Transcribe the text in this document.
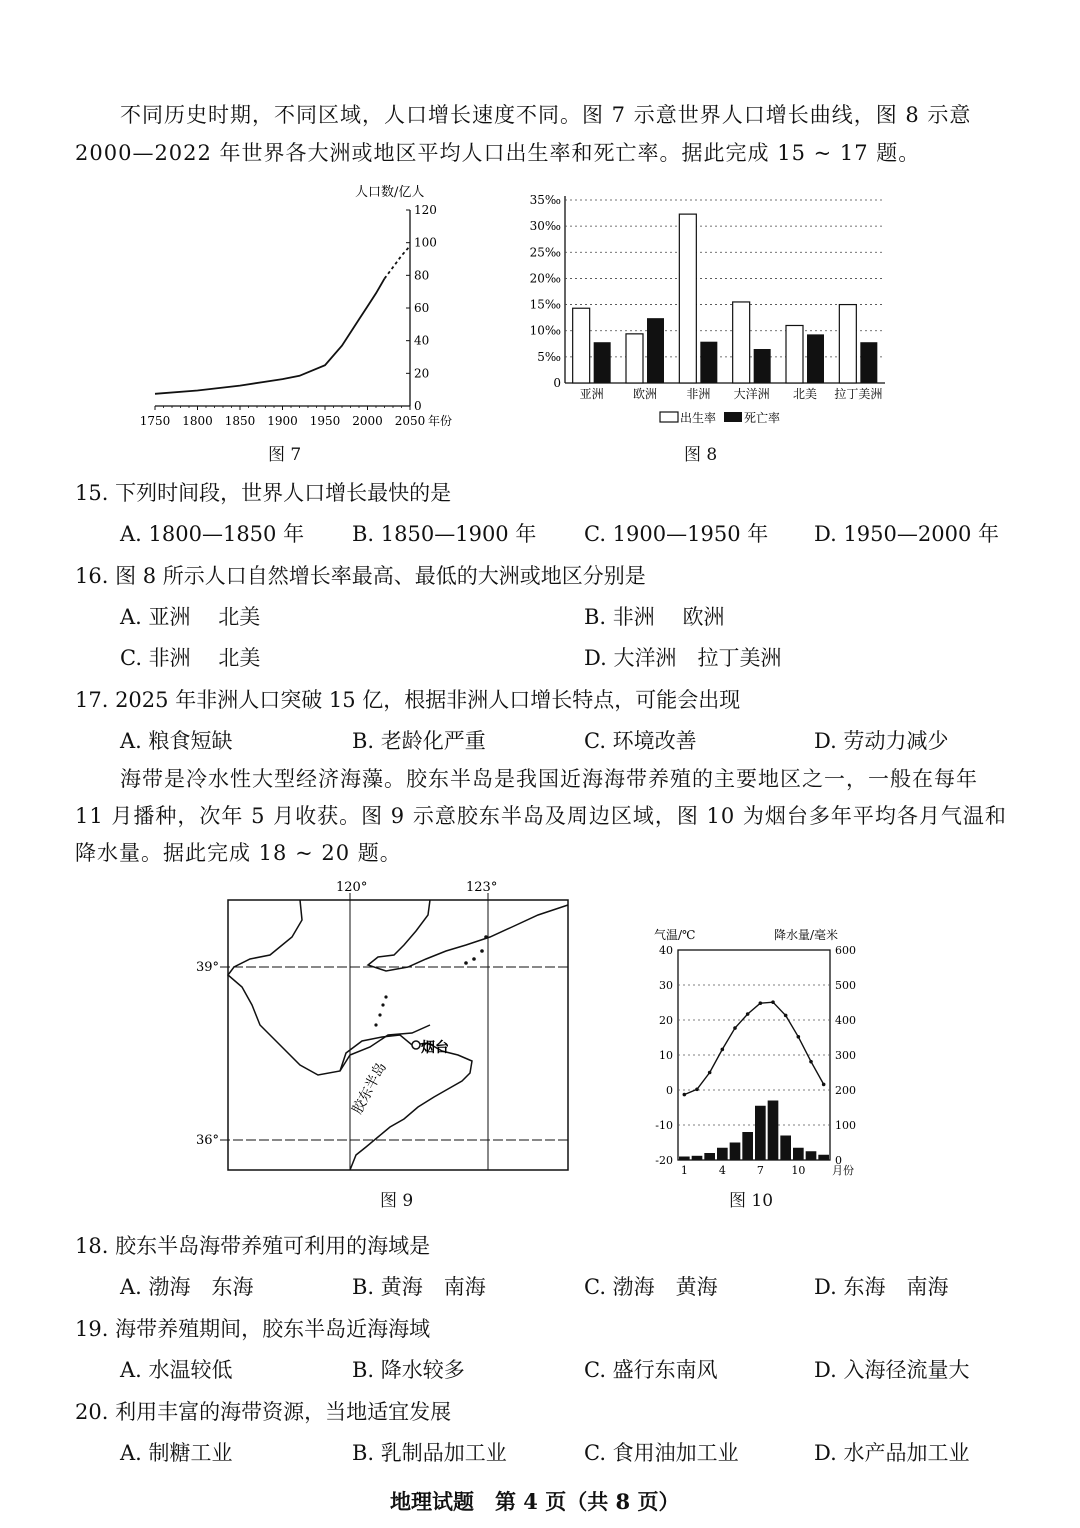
不同历史时期，不同区域，人口增长速度不同。图 7 示意世界人口增长曲线，图 8 示意
2000—2022 年世界各大洲或地区平均人口出生率和死亡率。据此完成 15 ~ 17 题。
人口数/亿人
120
100
80
60
40
20
0
1750 1800 1850 1900 1950 2000 2050 年份
图 7
35‰
30‰
25‰
20‰
15‰
10‰
5‰
0
亚洲 欧洲 非洲 大洋洲 北美 拉丁美洲
出生率 死亡率
图 8
15. 下列时间段，世界人口增长最快的是
A. 1800—1850 年 B. 1850—1900 年 C. 1900—1950 年 D. 1950—2000 年
16. 图 8 所示人口自然增长率最高、最低的大洲或地区分别是
A. 亚洲　 北美	B. 非洲　 欧洲
C. 非洲　 北美	D. 大洋洲　拉丁美洲
17. 2025 年非洲人口突破 15 亿，根据非洲人口增长特点，可能会出现
A. 粮食短缺	B. 老龄化严重	C. 环境改善	D. 劳动力减少
海带是冷水性大型经济海藻。胶东半岛是我国近海海带养殖的主要地区之一，一般在每年
11 月播种，次年 5 月收获。图 9 示意胶东半岛及周边区域，图 10 为烟台多年平均各月气温和
降水量。据此完成 18 ~ 20 题。
120°	123°
39°
36°
烟台
胶东半岛
图 9
气温/℃	降水量/毫米
40
30
20
10
0
-10
-20
600
500
400
300
200
100
0
1	4	7	10 月份
图 10
18. 胶东半岛海带养殖可利用的海域是
A. 渤海　东海	B. 黄海　南海	C. 渤海　黄海	D. 东海　南海
19. 海带养殖期间，胶东半岛近海海域
A. 水温较低	B. 降水较多	C. 盛行东南风	D. 入海径流量大
20. 利用丰富的海带资源，当地适宜发展
A. 制糖工业	B. 乳制品加工业	C. 食用油加工业	D. 水产品加工业
地理试题　第 4 页（共 8 页）
